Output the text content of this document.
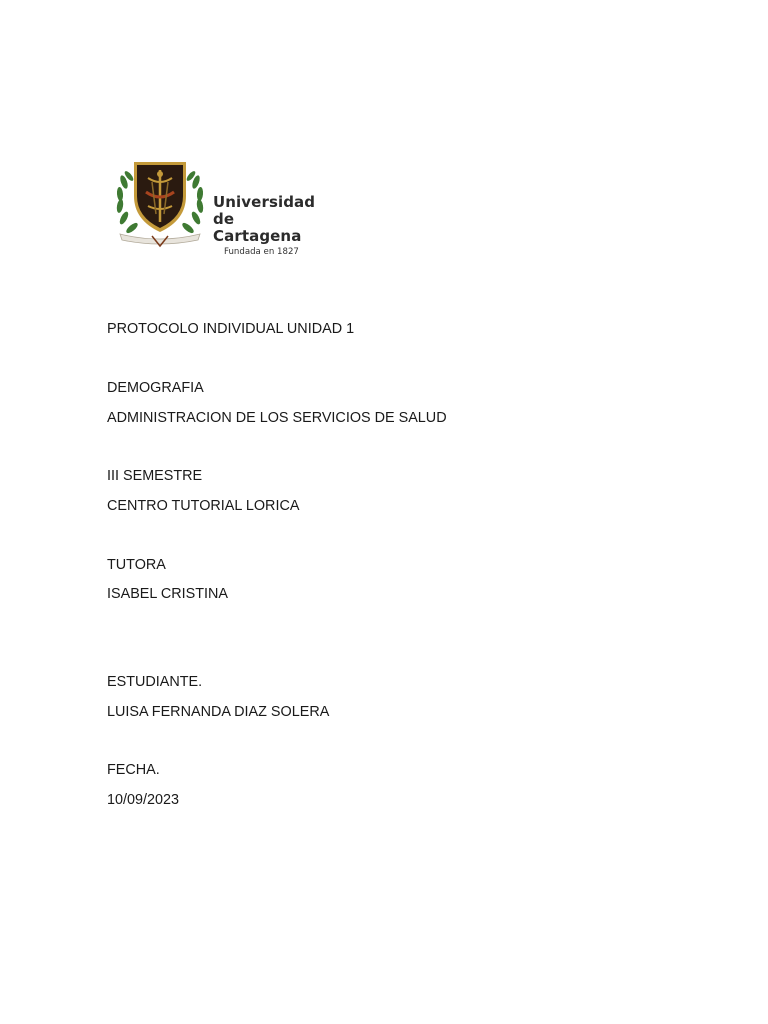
Universidad
de Cartagena
Fundada en 1827
PROTOCOLO INDIVIDUAL UNIDAD 1
DEMOGRAFIA
ADMINISTRACION DE LOS SERVICIOS DE SALUD
III SEMESTRE
CENTRO TUTORIAL LORICA
TUTORA
ISABEL CRISTINA
ESTUDIANTE.
LUISA FERNANDA DIAZ SOLERA
FECHA.
10/09/2023
